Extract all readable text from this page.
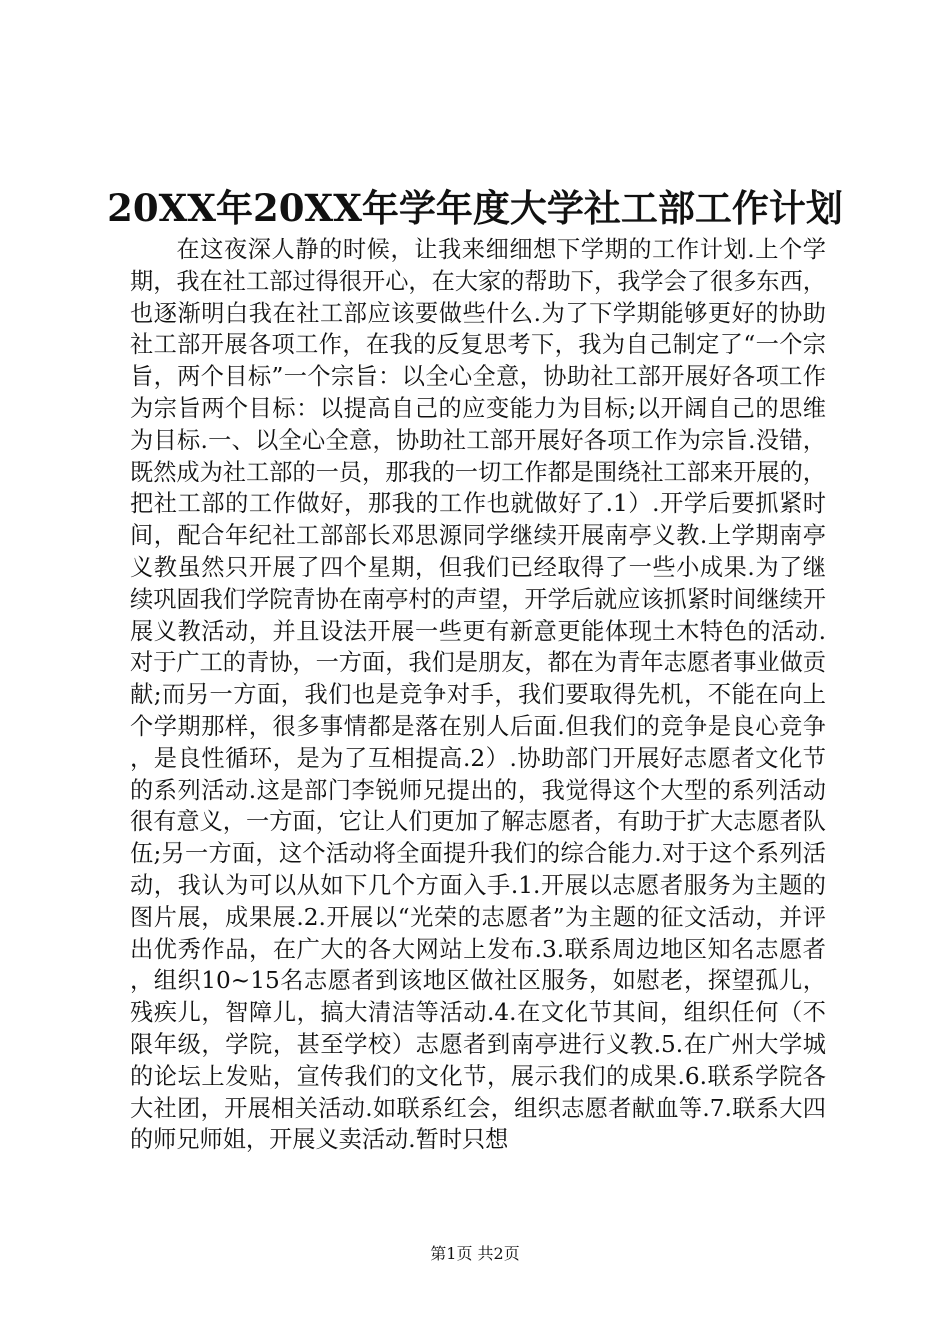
20XX年20XX年学年度大学社工部工作计划

在这夜深人静的时候，让我来细细想下学期的工作计划.上个学期，我在社工部过得很开心，在大家的帮助下，我学会了很多东西，也逐渐明白我在社工部应该要做些什么.为了下学期能够更好的协助社工部开展各项工作，在我的反复思考下，我为自己制定了“一个宗旨，两个目标”一个宗旨：以全心全意，协助社工部开展好各项工作为宗旨两个目标：以提高自己的应变能力为目标;以开阔自己的思维为目标.一、以全心全意，协助社工部开展好各项工作为宗旨.没错，既然成为社工部的一员，那我的一切工作都是围绕社工部来开展的，把社工部的工作做好，那我的工作也就做好了.1）.开学后要抓紧时间，配合年纪社工部部长邓思源同学继续开展南亭义教.上学期南亭义教虽然只开展了四个星期，但我们已经取得了一些小成果.为了继续巩固我们学院青协在南亭村的声望，开学后就应该抓紧时间继续开展义教活动，并且设法开展一些更有新意更能体现土木特色的活动.对于广工的青协，一方面，我们是朋友，都在为青年志愿者事业做贡献;而另一方面，我们也是竞争对手，我们要取得先机，不能在向上个学期那样，很多事情都是落在别人后面.但我们的竞争是良心竞争，是良性循环，是为了互相提高.2）.协助部门开展好志愿者文化节的系列活动.这是部门李锐师兄提出的，我觉得这个大型的系列活动很有意义，一方面，它让人们更加了解志愿者，有助于扩大志愿者队伍;另一方面，这个活动将全面提升我们的综合能力.对于这个系列活动，我认为可以从如下几个方面入手.1.开展以志愿者服务为主题的图片展，成果展.2.开展以“光荣的志愿者”为主题的征文活动，并评出优秀作品，在广大的各大网站上发布.3.联系周边地区知名志愿者，组织10~15名志愿者到该地区做社区服务，如慰老，探望孤儿，残疾儿，智障儿，搞大清洁等活动.4.在文化节其间，组织任何（不限年级，学院，甚至学校）志愿者到南亭进行义教.5.在广州大学城的论坛上发贴，宣传我们的文化节，展示我们的成果.6.联系学院各大社团，开展相关活动.如联系红会，组织志愿者献血等.7.联系大四的师兄师姐，开展义卖活动.暂时只想

第1页 共2页
